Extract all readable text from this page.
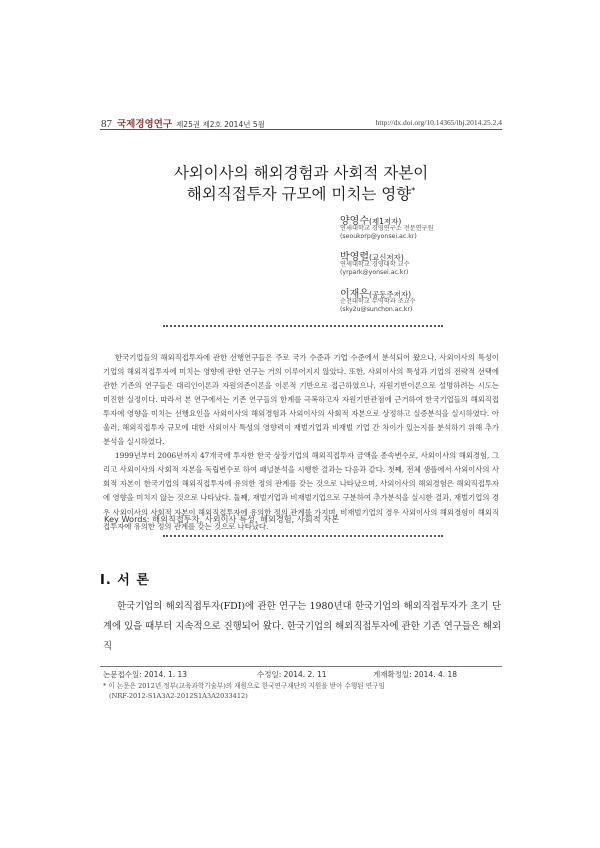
87 국제경영연구 제25권 제2호 2014년 5월	http://dx.doi.org/10.14365/ibj.2014.25.2.4
사외이사의 해외경험과 사회적 자본이
해외직접투자 규모에 미치는 영향*
양영수(제1저자)
연세대학교 경영연구소 전문연구원
(seoukorp@yonsei.ac.kr)
박영렬(교신저자)
연세대학교 경영대학 교수
(yrpark@yonsei.ac.kr)
이재은(공동주저자)
순천대학교 무역학과 조교수
(sky2u@sunchon.ac.kr)

한국기업들의 해외직접투자에 관한 선행연구들은 주로 국가 수준과 기업 수준에서 분석되어 왔으나, 사외이사의 특성이 기업의 해외직접투자에 미치는 영향에 관한 연구는 거의 이루어지지 않았다. 또한, 사외이사의 특성과 기업의 전략적 선택에 관한 기존의 연구들은 대리인이론과 자원의존이론을 이론적 기반으로 접근하였으나, 자원기반이론으로 설명하려는 시도는 미진한 실정이다. 따라서 본 연구에서는 기존 연구들의 한계를 극복하고자 자원기반관점에 근거하여 한국기업들의 해외직접투자에 영향을 미치는 선행요인을 사외이사의 해외경험과 사외이사의 사회적 자본으로 상정하고 실증분석을 실시하였다. 아울러, 해외직접투자 규모에 대한 사외이사 특성의 영향력이 재벌기업과 비재벌 기업 간 차이가 있는지를 분석하기 위해 추가분석을 실시하였다.

1999년부터 2006년까지 47개국에 투자한 한국 상장기업의 해외직접투자 금액을 종속변수로, 사외이사의 해외경험, 그리고 사외이사의 사회적 자본을 독립변수로 하여 패널분석을 시행한 결과는 다음과 같다. 첫째, 전체 샘플에서 사외이사의 사회적 자본이 한국기업의 해외직접투자에 유의한 정의 관계를 갖는 것으로 나타났으며, 사외이사의 해외경험은 해외직접투자에 영향을 미치지 않는 것으로 나타났다. 둘째, 재벌기업과 비재벌기업으로 구분하여 추가분석을 실시한 결과, 재벌기업의 경우 사외이사의 사회적 자본이 해외직접투자에 유의한 정의 관계를 가지며, 비재벌기업의 경우 사외이사의 해외경험이 해외직접투자에 유의한 정의 관계를 갖는 것으로 나타났다.

Key Words: 해외직접투자, 사외이사 특성, 해외경험, 사회적 자본
Ⅰ. 서 론

한국기업의 해외직접투자(FDI)에 관한 연구는 1980년대 한국기업의 해외직접투자가 초기 단계에 있을 때부터 지속적으로 진행되어 왔다. 한국기업의 해외직접투자에 관한 기존 연구들은 해외직

논문접수일: 2014. 1. 13	수정일: 2014. 2. 11	게재확정일: 2014. 4. 18
* 이 논문은 2012년 정부(교육과학기술부)의 재원으로 한국연구재단의 지원을 받아 수행된 연구임
(NRF-2012-S1A3A2-2012S1A3A2033412)
